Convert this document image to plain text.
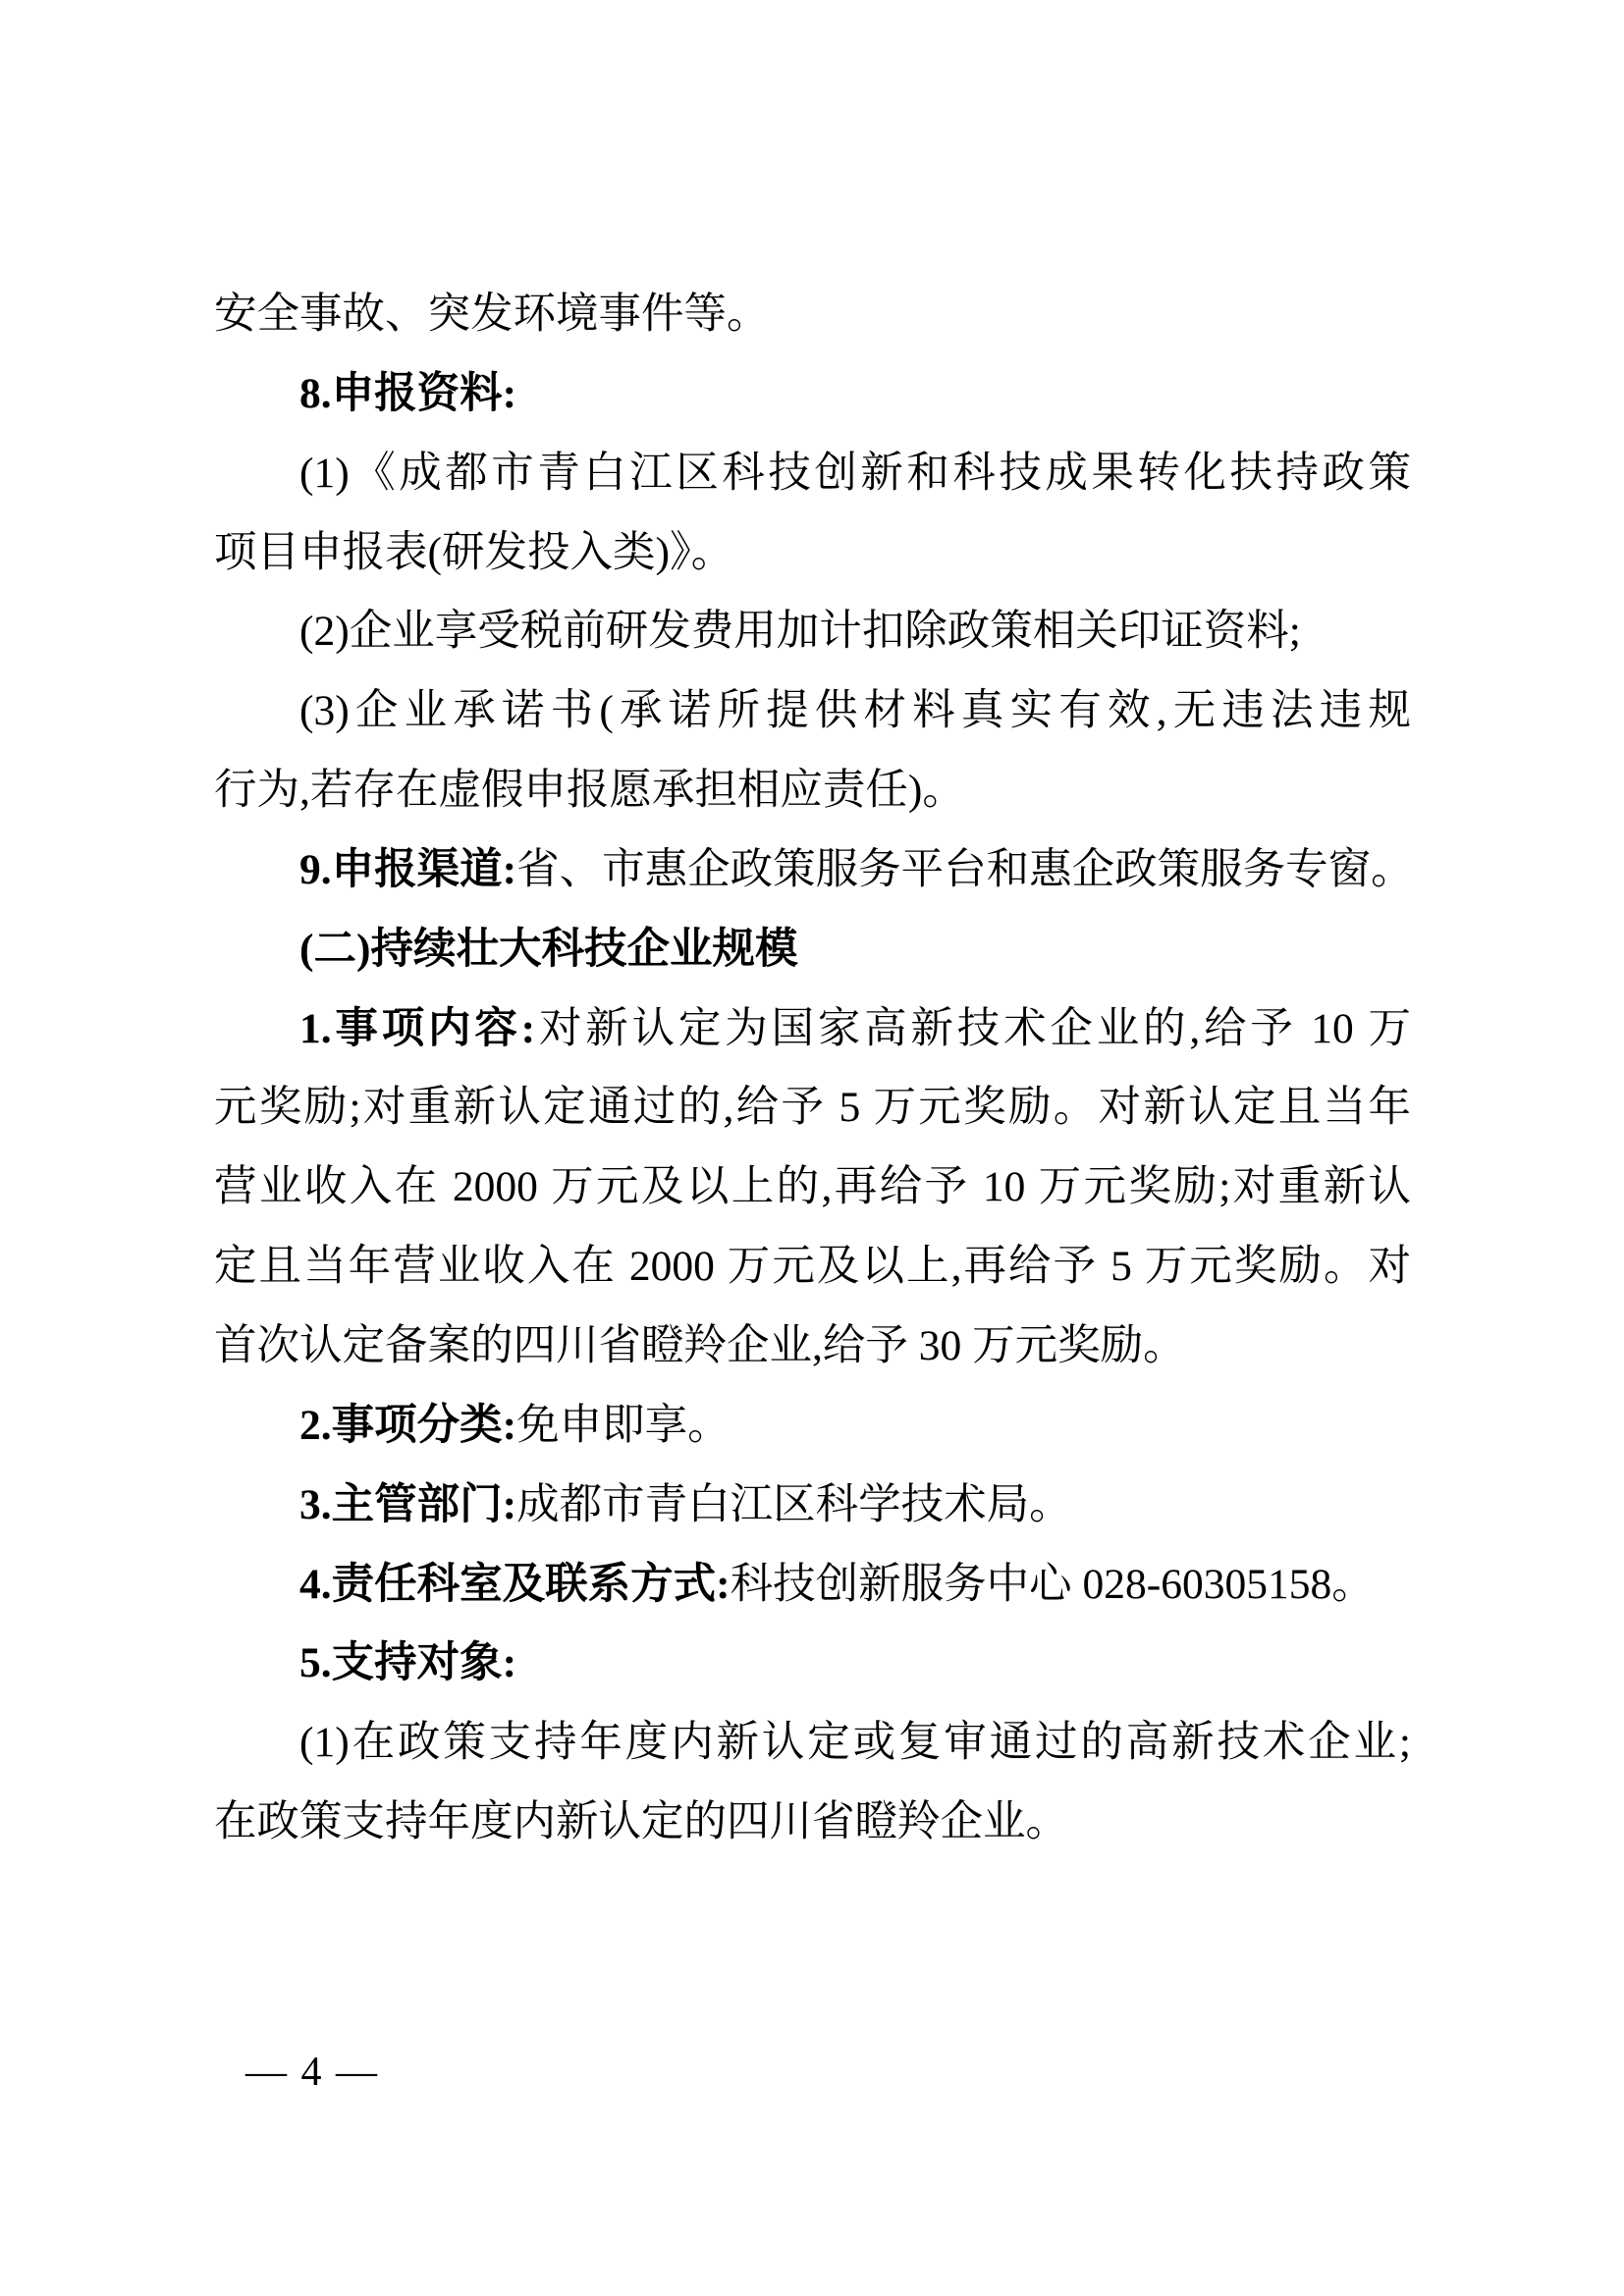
安全事故、突发环境事件等。
8.申报资料:
(1)《成都市青白江区科技创新和科技成果转化扶持政策
项目申报表(研发投入类)》。
(2)企业享受税前研发费用加计扣除政策相关印证资料;
(3)企业承诺书(承诺所提供材料真实有效,无违法违规
行为,若存在虚假申报愿承担相应责任)。
9.申报渠道:省、市惠企政策服务平台和惠企政策服务专窗。
(二)持续壮大科技企业规模
1.事项内容:对新认定为国家高新技术企业的,给予 10 万
元奖励;对重新认定通过的,给予 5 万元奖励。对新认定且当年
营业收入在 2000 万元及以上的,再给予 10 万元奖励;对重新认
定且当年营业收入在 2000 万元及以上,再给予 5 万元奖励。对
首次认定备案的四川省瞪羚企业,给予 30 万元奖励。
2.事项分类:免申即享。
3.主管部门:成都市青白江区科学技术局。
4.责任科室及联系方式:科技创新服务中心 028-60305158。
5.支持对象:
(1)在政策支持年度内新认定或复审通过的高新技术企业;
在政策支持年度内新认定的四川省瞪羚企业。
— 4 —
